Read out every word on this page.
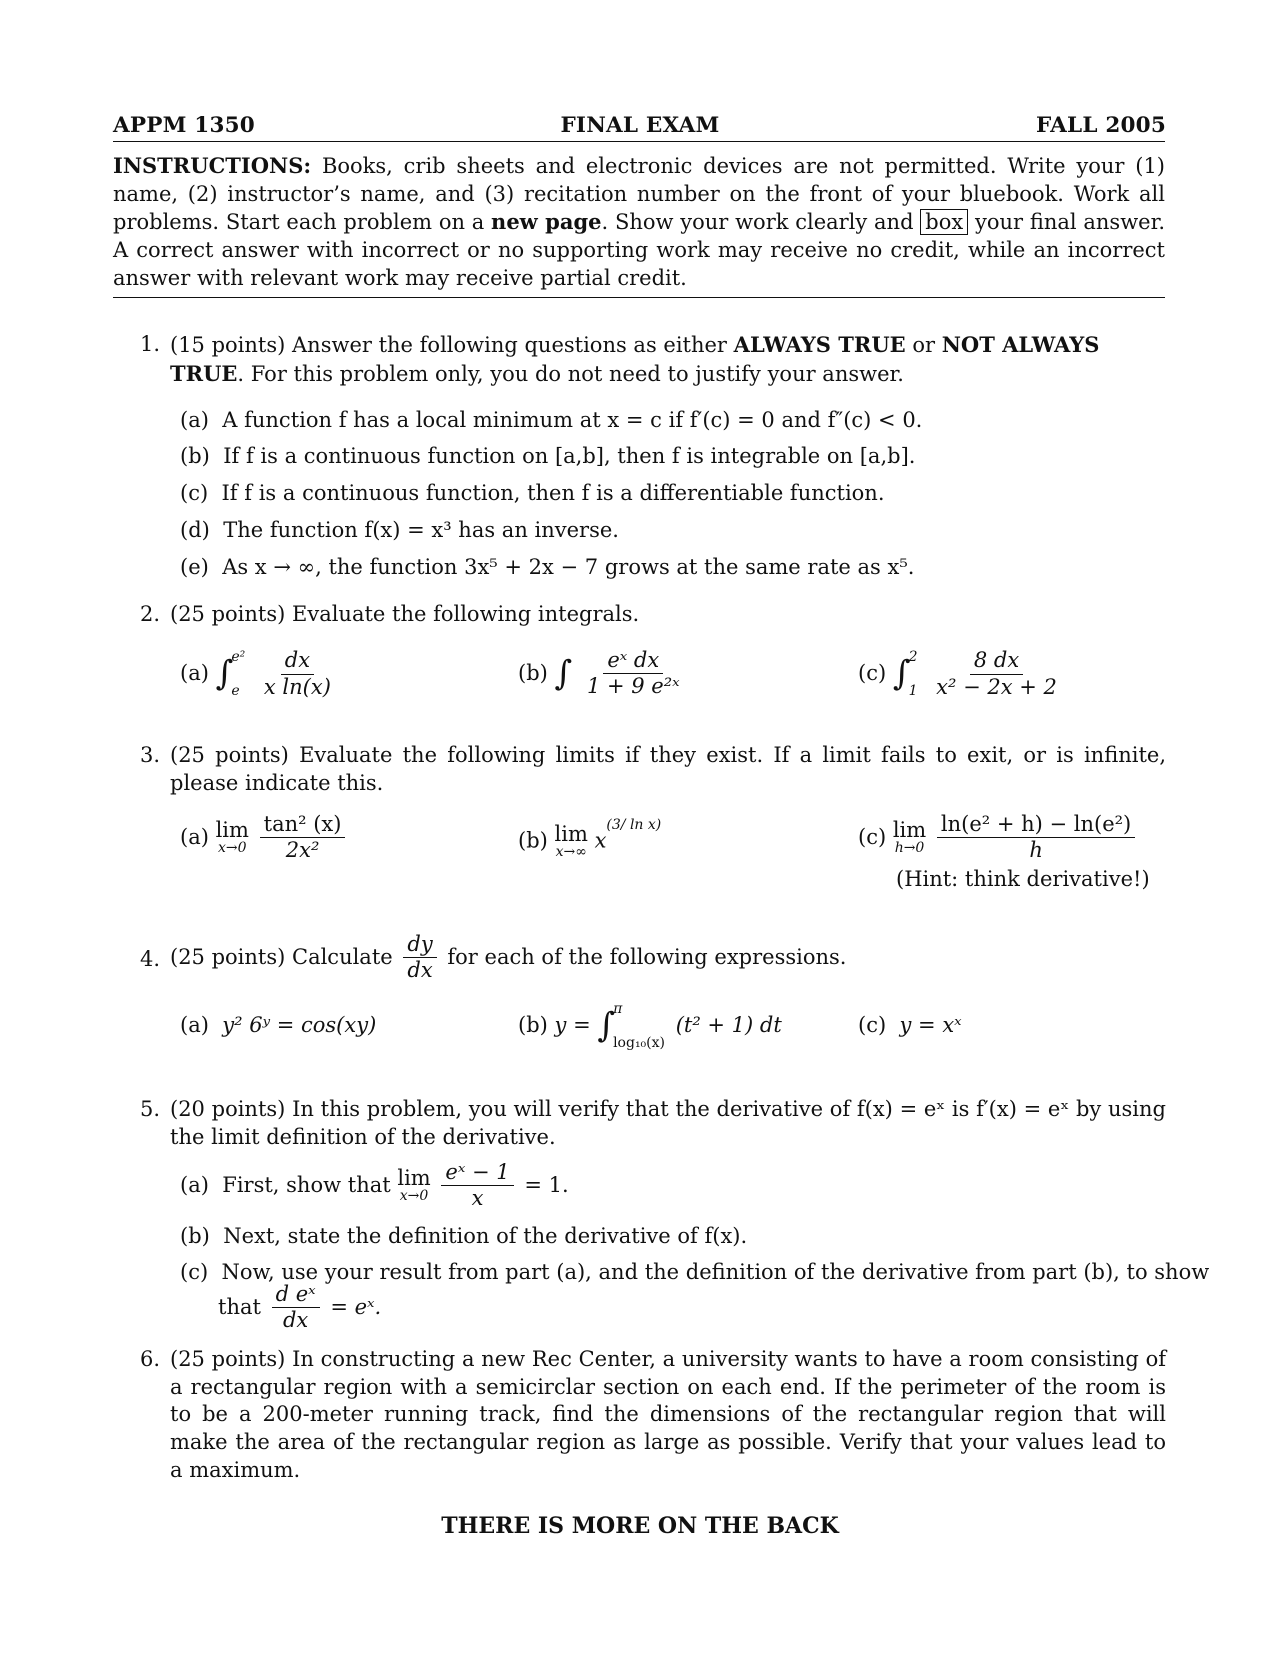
APPM 1350	FINAL EXAM	FALL 2005
INSTRUCTIONS: Books, crib sheets and electronic devices are not permitted. Write your (1) name, (2) instructor’s name, and (3) recitation number on the front of your bluebook. Work all problems. Start each problem on a new page. Show your work clearly and box your final answer. A correct answer with incorrect or no supporting work may receive no credit, while an incorrect answer with relevant work may receive partial credit.
1. (15 points) Answer the following questions as either ALWAYS TRUE or NOT ALWAYS TRUE. For this problem only, you do not need to justify your answer.
(a) A function f has a local minimum at x = c if f′(c) = 0 and f″(c) < 0.
(b) If f is a continuous function on [a,b], then f is integrable on [a,b].
(c) If f is a continuous function, then f is a differentiable function.
(d) The function f(x) = x³ has an inverse.
(e) As x → ∞, the function 3x⁵ + 2x − 7 grows at the same rate as x⁵.
2. (25 points) Evaluate the following integrals.
(a) ∫
e²
e
$\frac{dx}{\text{x ln(x)}}$	(b) ∫ $\frac{\text{eˣ dx}}{\text{1 + 9 e²ˣ}}$	(c) ∫
2
1
$\frac{8 dx}{\text{x² − 2x + 2}}$
3. (25 points) Evaluate the following limits if they exist. If a limit fails to exit, or is infinite, please indicate this.
(a) lim
x→0
$\frac{\text{tan² (x)}}{\text{2x²}}$	(b) lim
x→∞ $x^{(3/ ln x)}$	(c) lim
h→0
$\frac{\text{ln(e² + h) − ln(e²)}}{h}$
(Hint: think derivative!)
4. (25 points) Calculate $\frac{dy}{dx}$ for each of the following expressions.
(a) y² 6ʸ = cos(xy)	(b) y = ∫
π
log₁₀(x)
(t² + 1) dt	(c) y = xˣ
5. (20 points) In this problem, you will verify that the derivative of f(x) = eˣ is f′(x) = eˣ by using the limit definition of the derivative.
(a) First, show that lim
x→0
$\frac{\text{eˣ − 1}}{x} = 1$.
(b) Next, state the definition of the derivative of f(x).
(c) Now, use your result from part (a), and the definition of the derivative from part (b), to show
that $\frac{\text{d eˣ}}{dx}$ = eˣ.
6. (25 points) In constructing a new Rec Center, a university wants to have a room consisting of a rectangular region with a semicirclar section on each end. If the perimeter of the room is to be a 200-meter running track, find the dimensions of the rectangular region that will make the area of the rectangular region as large as possible. Verify that your values lead to a maximum.
THERE IS MORE ON THE BACK
